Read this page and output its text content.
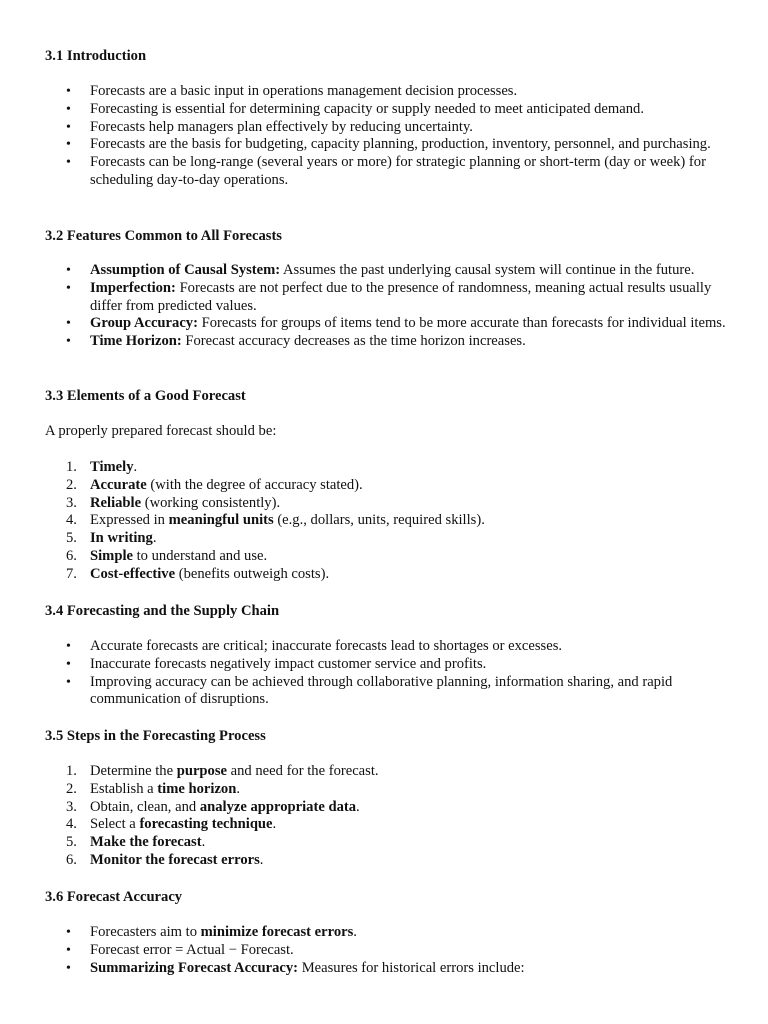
3.1 Introduction
• Forecasts are a basic input in operations management decision processes.
• Forecasting is essential for determining capacity or supply needed to meet anticipated demand.
• Forecasts help managers plan effectively by reducing uncertainty.
• Forecasts are the basis for budgeting, capacity planning, production, inventory, personnel, and purchasing.
• Forecasts can be long-range (several years or more) for strategic planning or short-term (day or week) for scheduling day-to-day operations.
3.2 Features Common to All Forecasts
• Assumption of Causal System: Assumes the past underlying causal system will continue in the future.
• Imperfection: Forecasts are not perfect due to the presence of randomness, meaning actual results usually differ from predicted values.
• Group Accuracy: Forecasts for groups of items tend to be more accurate than forecasts for individual items.
• Time Horizon: Forecast accuracy decreases as the time horizon increases.
3.3 Elements of a Good Forecast

A properly prepared forecast should be:

1. Timely.
2. Accurate (with the degree of accuracy stated).
3. Reliable (working consistently).
4. Expressed in meaningful units (e.g., dollars, units, required skills).
5. In writing.
6. Simple to understand and use.
7. Cost-effective (benefits outweigh costs).
3.4 Forecasting and the Supply Chain
• Accurate forecasts are critical; inaccurate forecasts lead to shortages or excesses.
• Inaccurate forecasts negatively impact customer service and profits.
• Improving accuracy can be achieved through collaborative planning, information sharing, and rapid communication of disruptions.
3.5 Steps in the Forecasting Process
1. Determine the purpose and need for the forecast.
2. Establish a time horizon.
3. Obtain, clean, and analyze appropriate data.
4. Select a forecasting technique.
5. Make the forecast.
6. Monitor the forecast errors.
3.6 Forecast Accuracy
• Forecasters aim to minimize forecast errors.
• Forecast error = Actual − Forecast.
• Summarizing Forecast Accuracy: Measures for historical errors include:
